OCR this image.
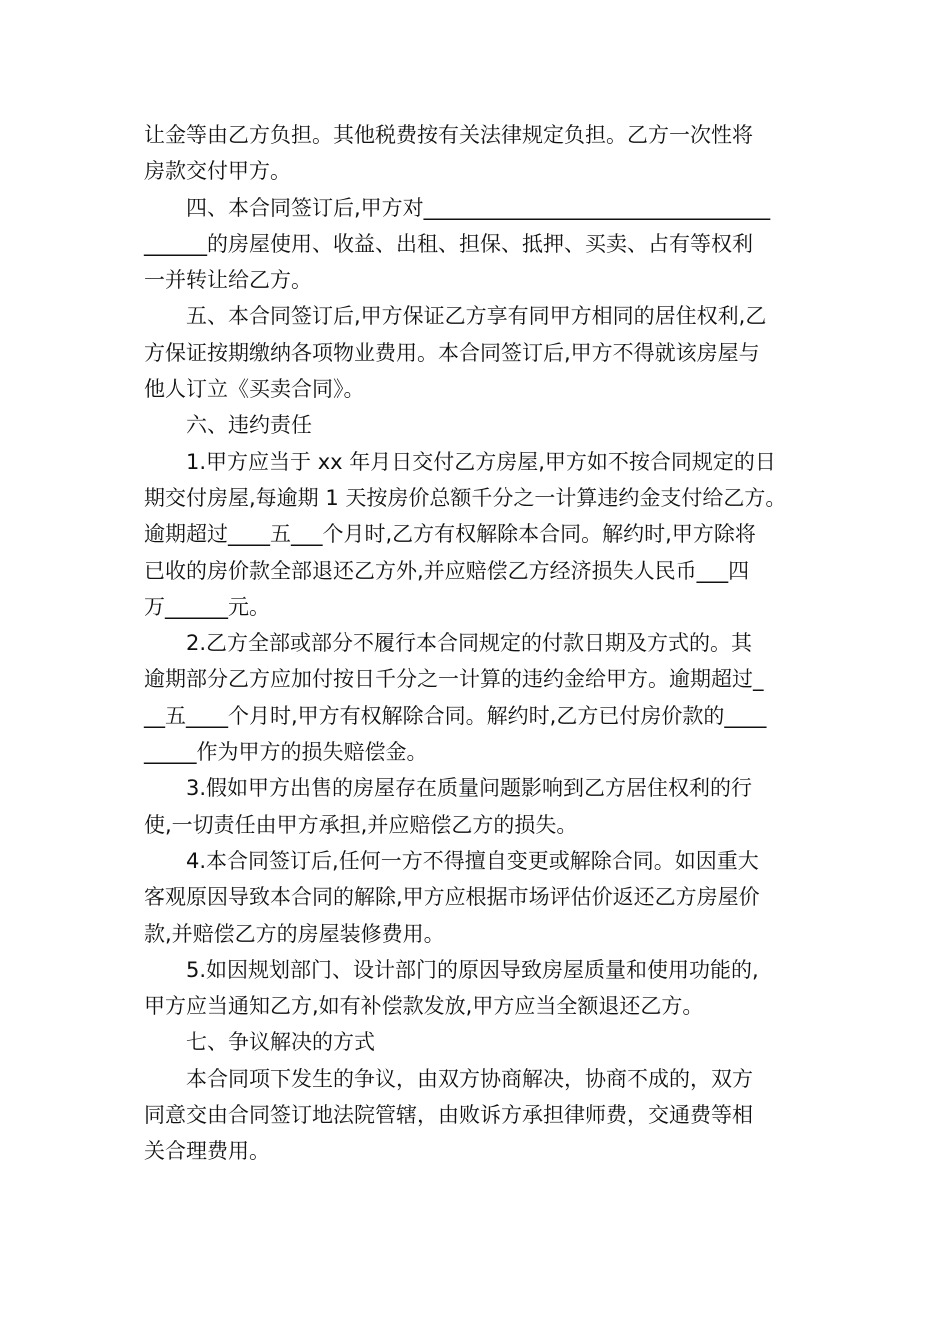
让金等由乙方负担。其他税费按有关法律规定负担。乙方一次性将
房款交付甲方。
四、本合同签订后,甲方对_________________________________
______的房屋使用、收益、出租、担保、抵押、买卖、占有等权利
一并转让给乙方。
五、本合同签订后,甲方保证乙方享有同甲方相同的居住权利,乙
方保证按期缴纳各项物业费用。本合同签订后,甲方不得就该房屋与
他人订立《买卖合同》。
六、违约责任
1.甲方应当于 xx 年月日交付乙方房屋,甲方如不按合同规定的日
期交付房屋,每逾期 1 天按房价总额千分之一计算违约金支付给乙方。
逾期超过____五___个月时,乙方有权解除本合同。解约时,甲方除将
已收的房价款全部退还乙方外,并应赔偿乙方经济损失人民币___四
万______元。
2.乙方全部或部分不履行本合同规定的付款日期及方式的。其
逾期部分乙方应加付按日千分之一计算的违约金给甲方。逾期超过_
__五____个月时,甲方有权解除合同。解约时,乙方已付房价款的____
_____作为甲方的损失赔偿金。
3.假如甲方出售的房屋存在质量问题影响到乙方居住权利的行
使,一切责任由甲方承担,并应赔偿乙方的损失。
4.本合同签订后,任何一方不得擅自变更或解除合同。如因重大
客观原因导致本合同的解除,甲方应根据市场评估价返还乙方房屋价
款,并赔偿乙方的房屋装修费用。
5.如因规划部门、设计部门的原因导致房屋质量和使用功能的,
甲方应当通知乙方,如有补偿款发放,甲方应当全额退还乙方。
七、争议解决的方式
本合同项下发生的争议，由双方协商解决，协商不成的，双方
同意交由合同签订地法院管辖，由败诉方承担律师费，交通费等相
关合理费用。
